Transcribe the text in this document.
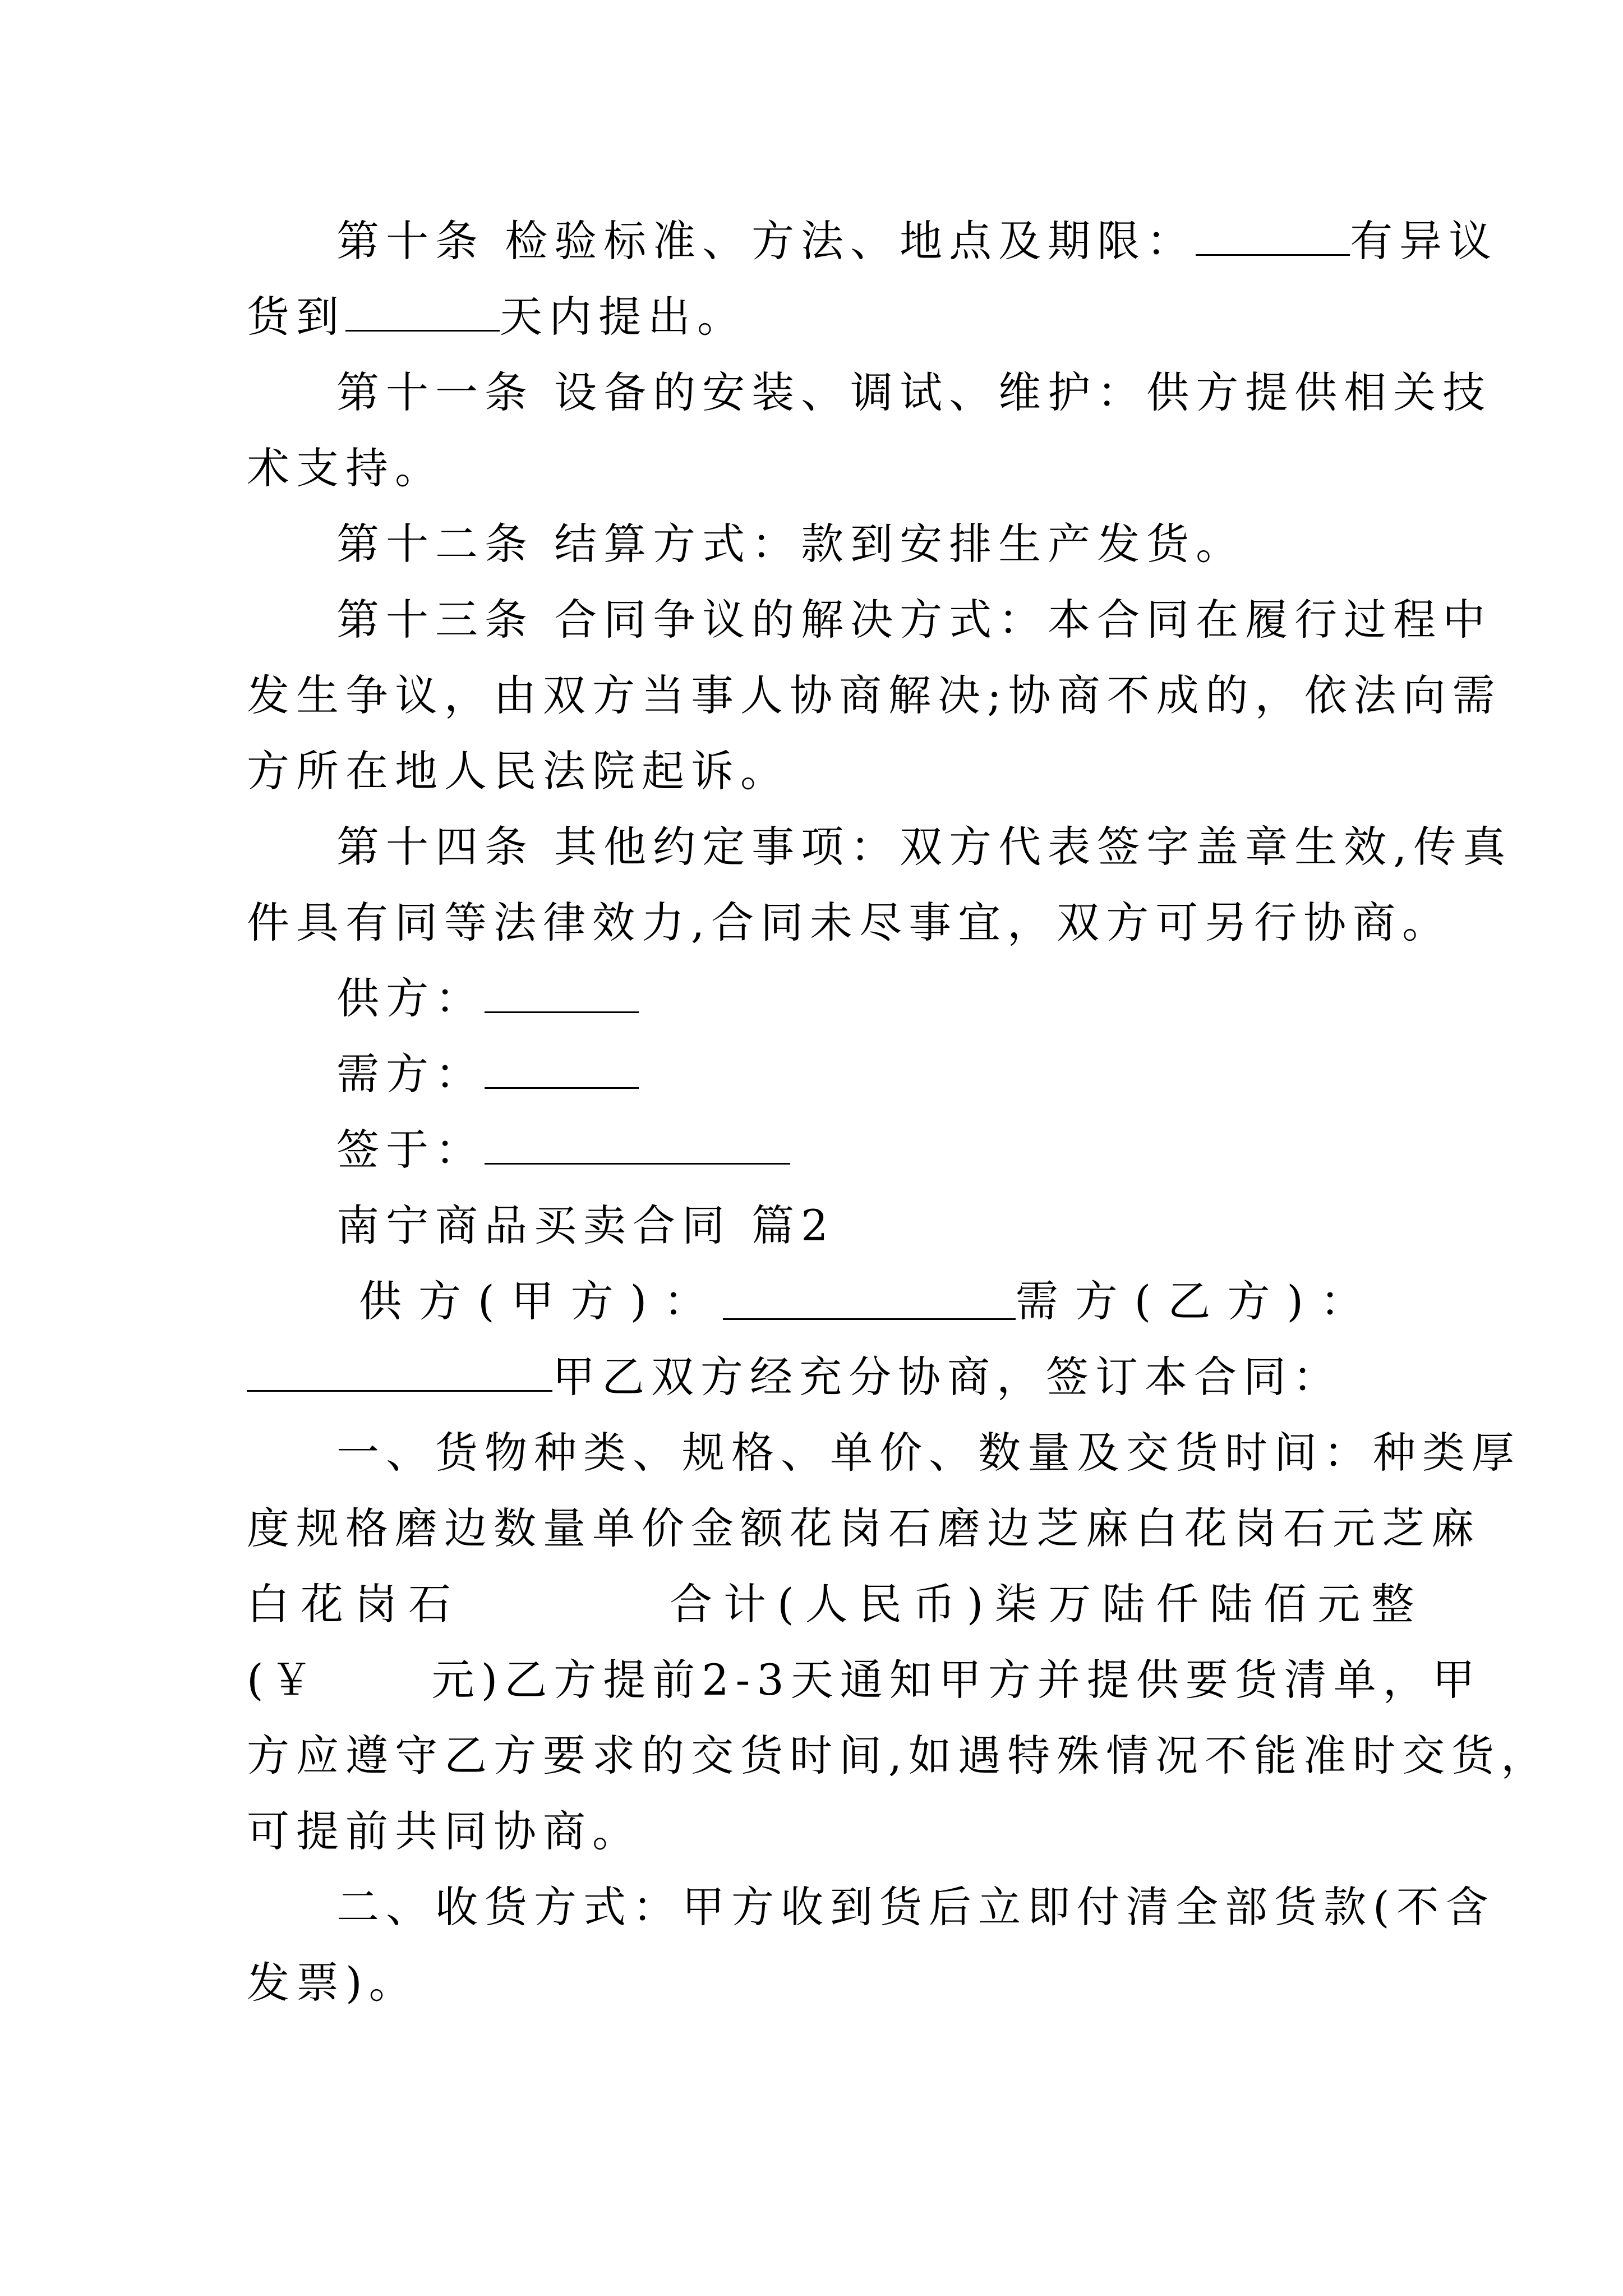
第十条 检验标准、方法、地点及期限：	有异议
货到	天内提出。
第十一条 设备的安装、调试、维护：供方提供相关技
术支持。
第十二条 结算方式：款到安排生产发货。
第十三条 合同争议的解决方式：本合同在履行过程中
发生争议，由双方当事人协商解决;协商不成的，依法向需
方所在地人民法院起诉。
第十四条 其他约定事项：双方代表签字盖章生效,传真
件具有同等法律效力,合同未尽事宜，双方可另行协商。
供方：
需方：
签于：
南宁商品买卖合同 篇2
供方(甲方)：	需方(乙方)：
甲乙双方经充分协商，签订本合同：
一、货物种类、规格、单价、数量及交货时间：种类厚
度规格磨边数量单价金额花岗石磨边芝麻白花岗石元芝麻
白花岗石	合计(人民币)柒万陆仟陆佰元整
(￥	元)乙方提前2-3天通知甲方并提供要货清单，甲
方应遵守乙方要求的交货时间,如遇特殊情况不能准时交货，
可提前共同协商。
二、收货方式：甲方收到货后立即付清全部货款(不含
发票)。
